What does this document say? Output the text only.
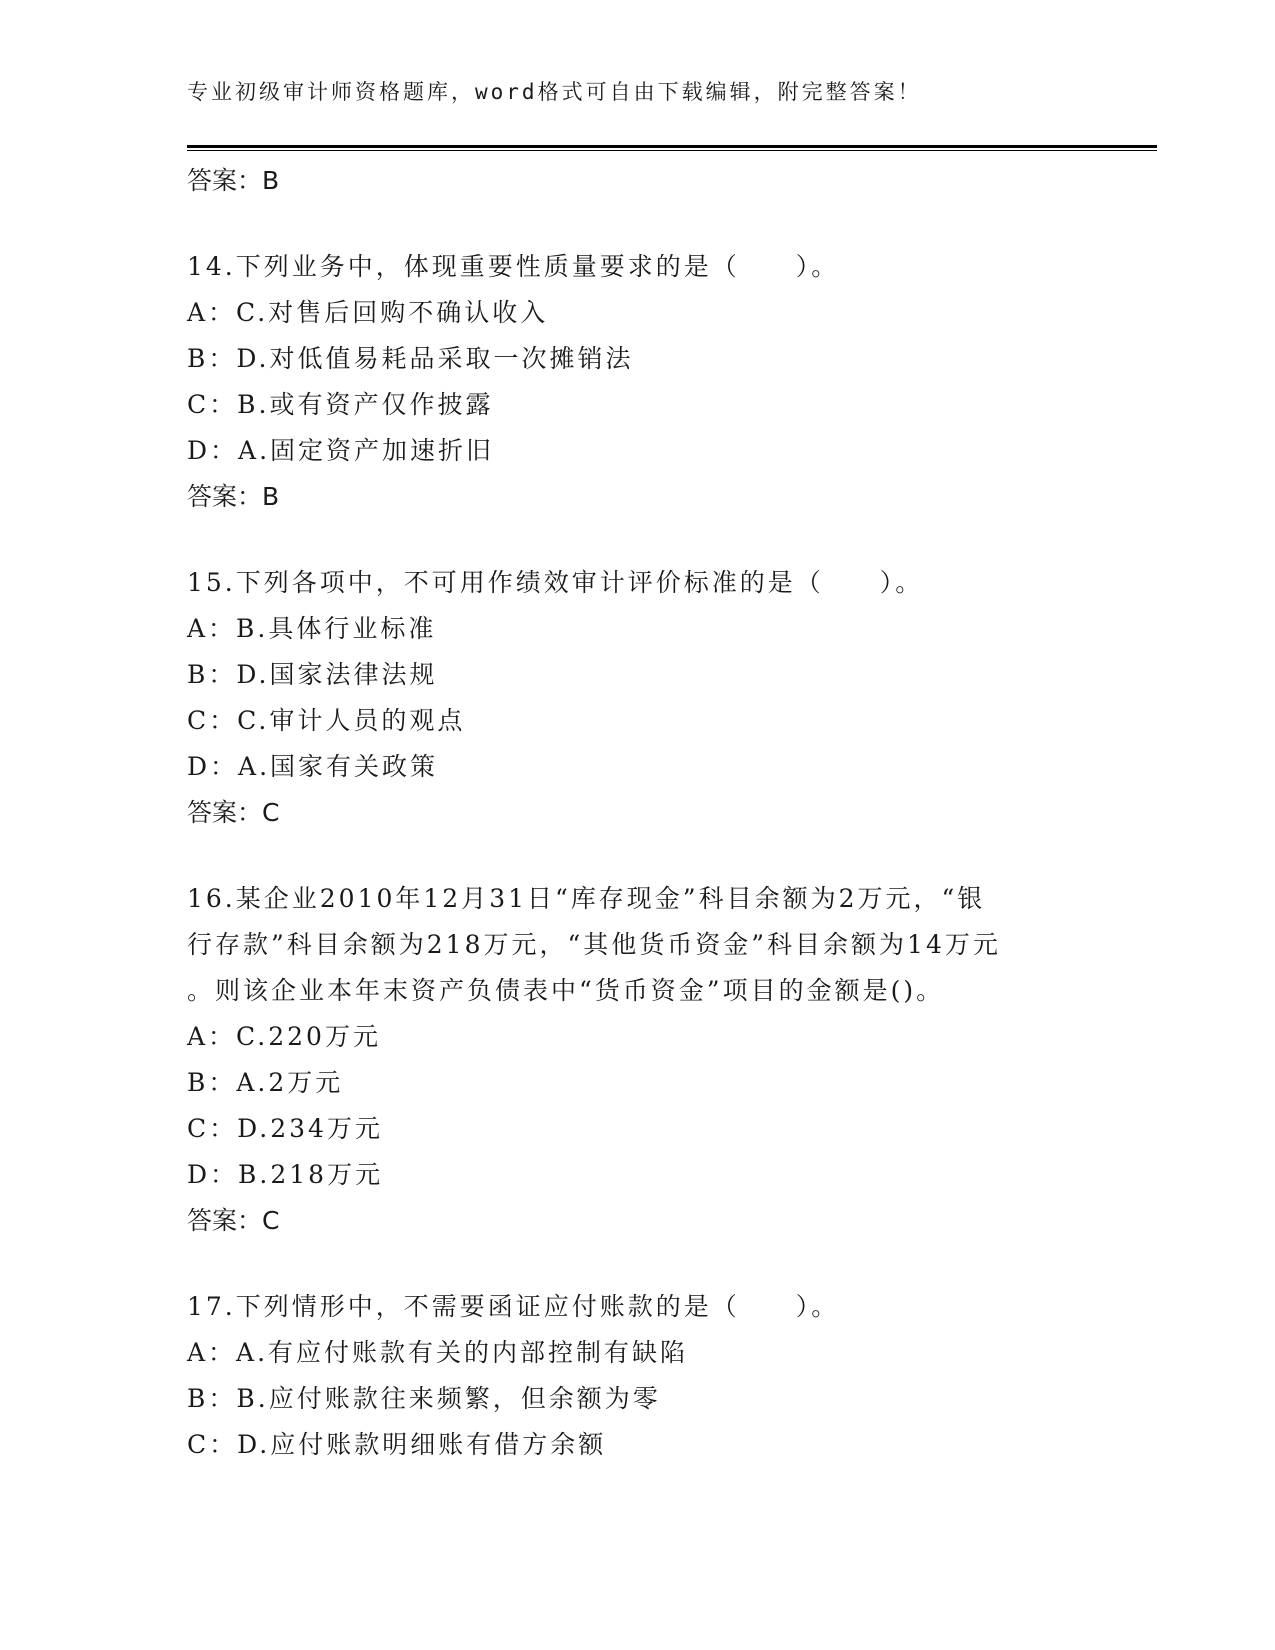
专业初级审计师资格题库，word格式可自由下载编辑，附完整答案！
答案：B
14.下列业务中，体现重要性质量要求的是（　　）。
A：C.对售后回购不确认收入
B：D.对低值易耗品采取一次摊销法
C：B.或有资产仅作披露
D：A.固定资产加速折旧
答案：B
15.下列各项中，不可用作绩效审计评价标准的是（　　）。
A：B.具体行业标准
B：D.国家法律法规
C：C.审计人员的观点
D：A.国家有关政策
答案：C
16.某企业2010年12月31日“库存现金”科目余额为2万元，“银
行存款”科目余额为218万元，“其他货币资金”科目余额为14万元
。则该企业本年末资产负债表中“货币资金”项目的金额是()。
A：C.220万元
B：A.2万元
C：D.234万元
D：B.218万元
答案：C
17.下列情形中，不需要函证应付账款的是（　　）。
A：A.有应付账款有关的内部控制有缺陷
B：B.应付账款往来频繁，但余额为零
C：D.应付账款明细账有借方余额
